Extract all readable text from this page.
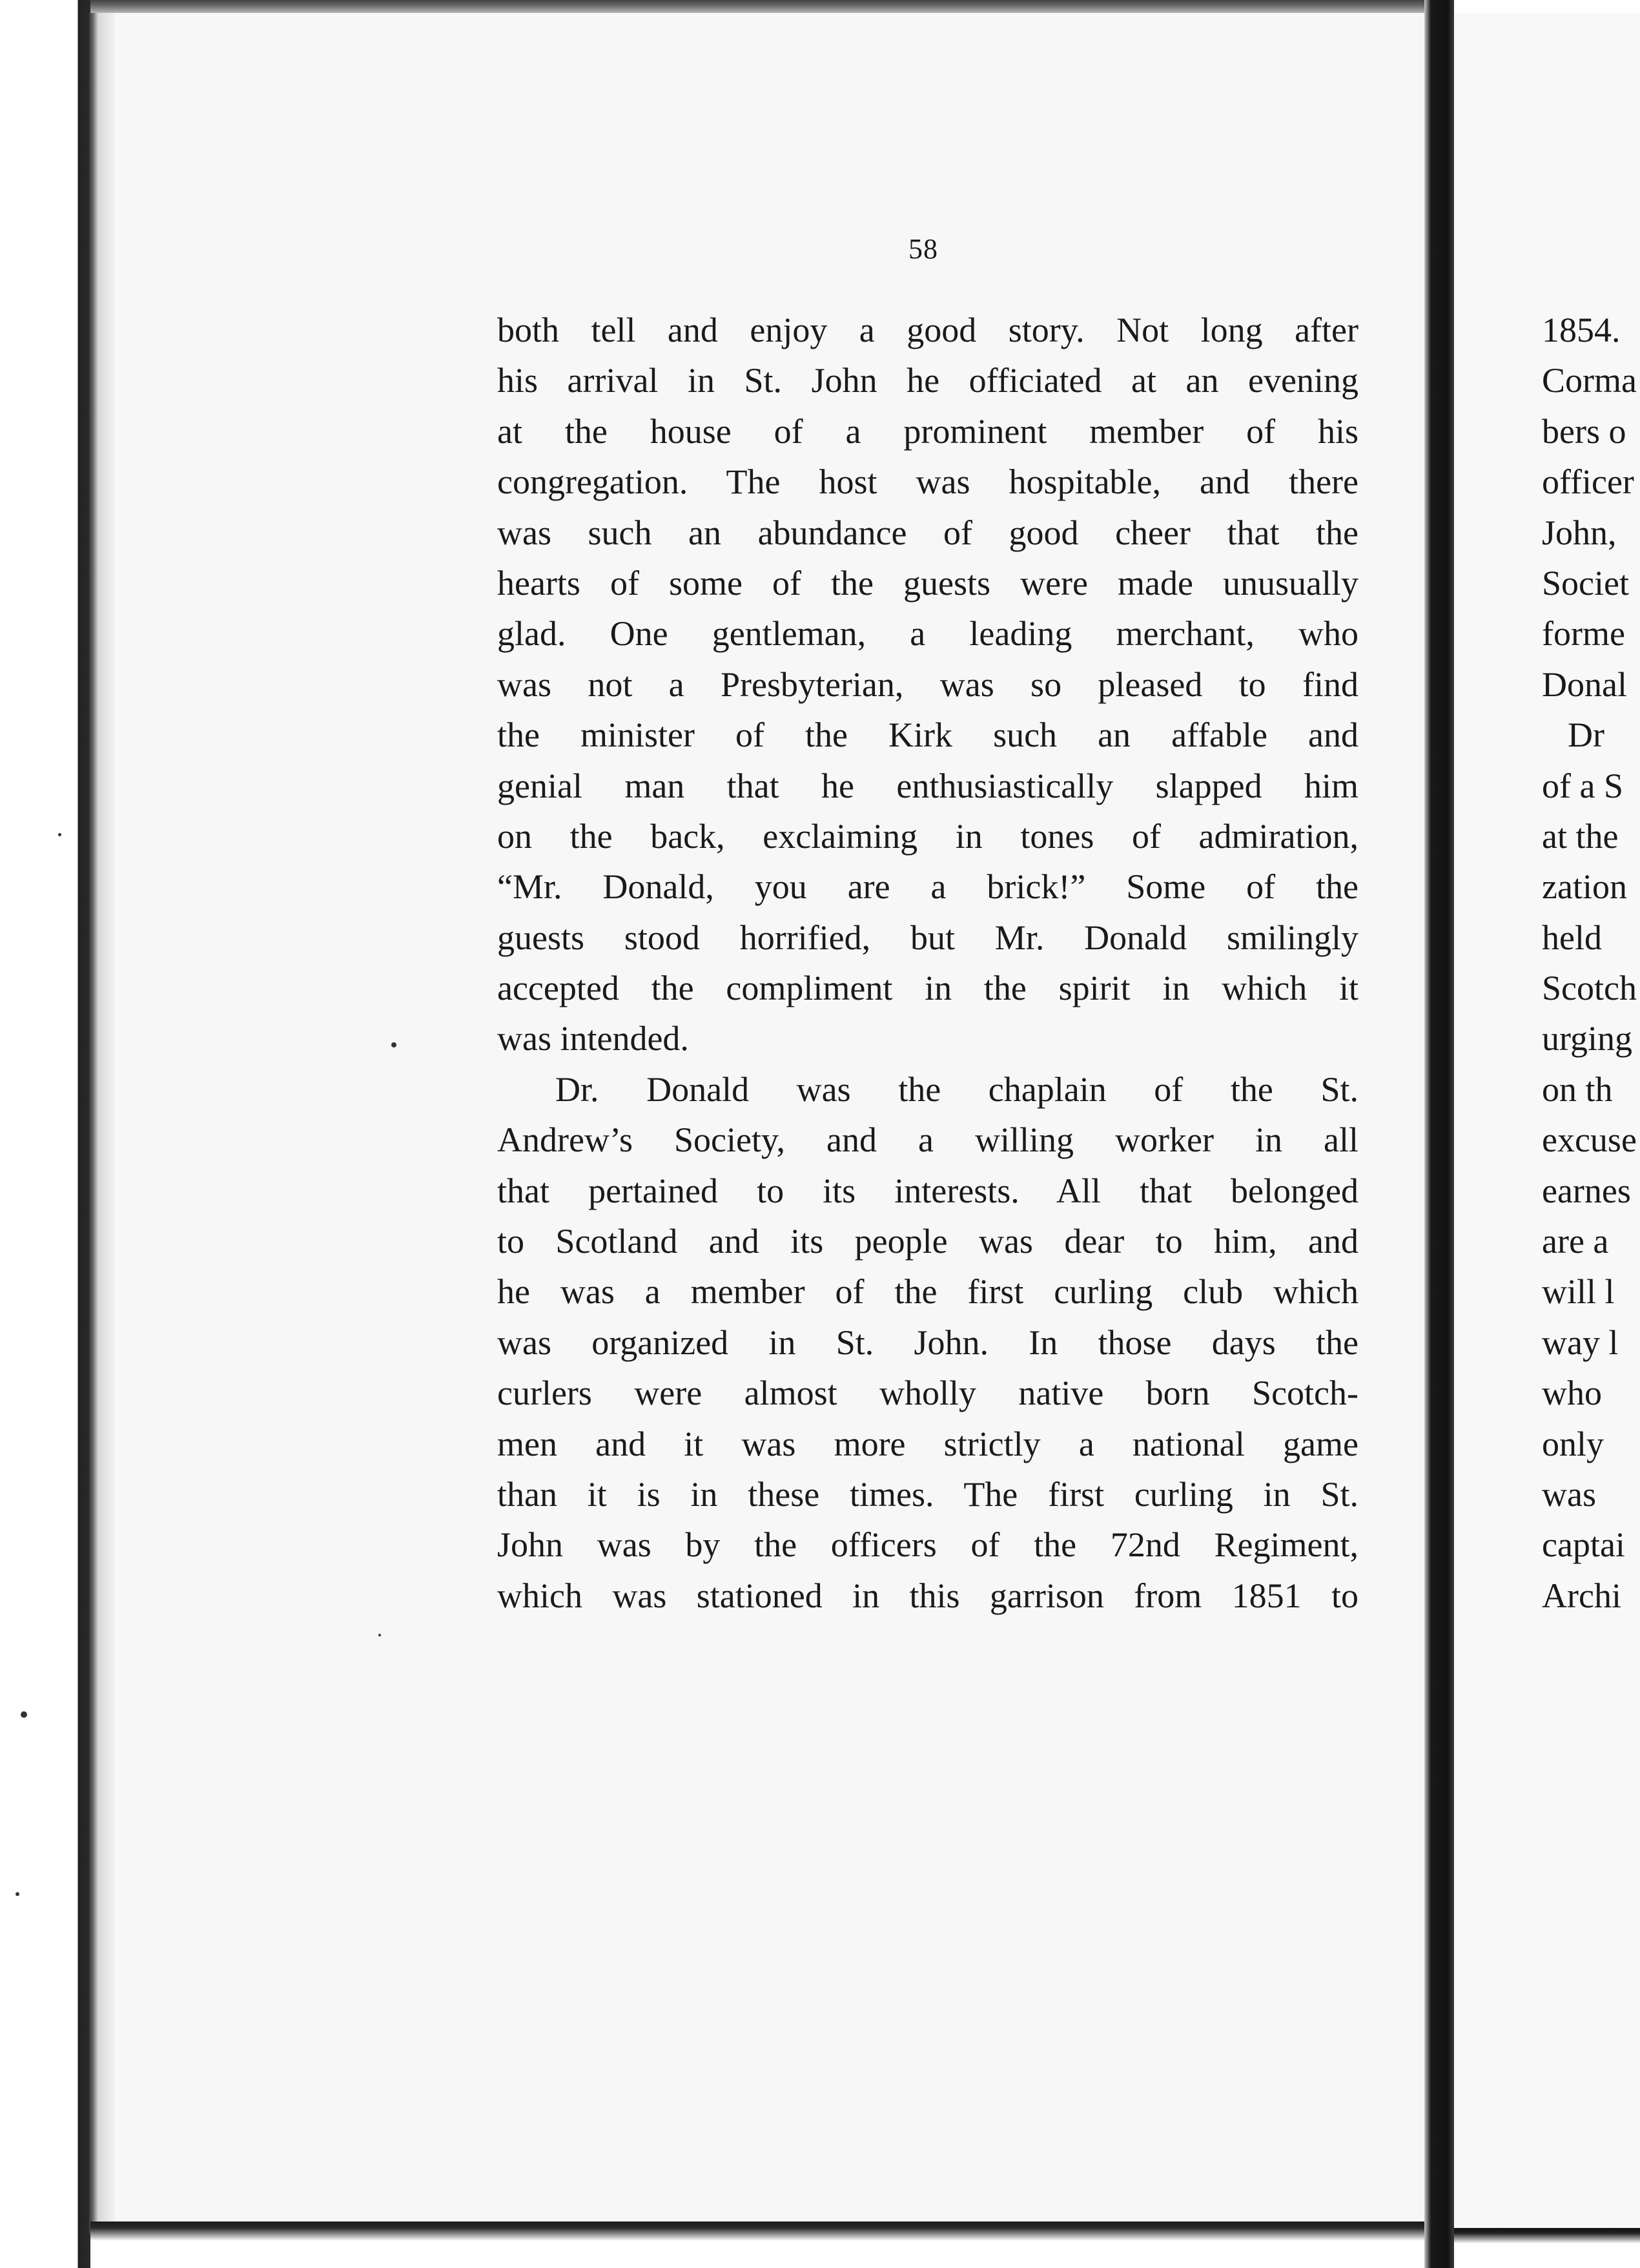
58
both tell and enjoy a good story. Not long after
his arrival in St. John he officiated at an evening
at the house of a prominent member of his
congregation. The host was hospitable, and there
was such an abundance of good cheer that the
hearts of some of the guests were made unusually
glad. One gentleman, a leading merchant, who
was not a Presbyterian, was so pleased to find
the minister of the Kirk such an affable and
genial man that he enthusiastically slapped him
on the back, exclaiming in tones of admiration,
“Mr. Donald, you are a brick!” Some of the
guests stood horrified, but Mr. Donald smilingly
accepted the compliment in the spirit in which it
was intended.
Dr. Donald was the chaplain of the St.
Andrew’s Society, and a willing worker in all
that pertained to its interests. All that belonged
to Scotland and its people was dear to him, and
he was a member of the first curling club which
was organized in St. John. In those days the
curlers were almost wholly native born Scotch-
men and it was more strictly a national game
than it is in these times. The first curling in St.
John was by the officers of the 72nd Regiment,
which was stationed in this garrison from 1851 to
1854.
Corma
bers o
officer
John,
Societ
forme
Donal
Dr
of a S
at the
zation
held
Scotch
urging
on th
excuse
earnes
are a
will l
way l
who
only
was
captai
Archi
